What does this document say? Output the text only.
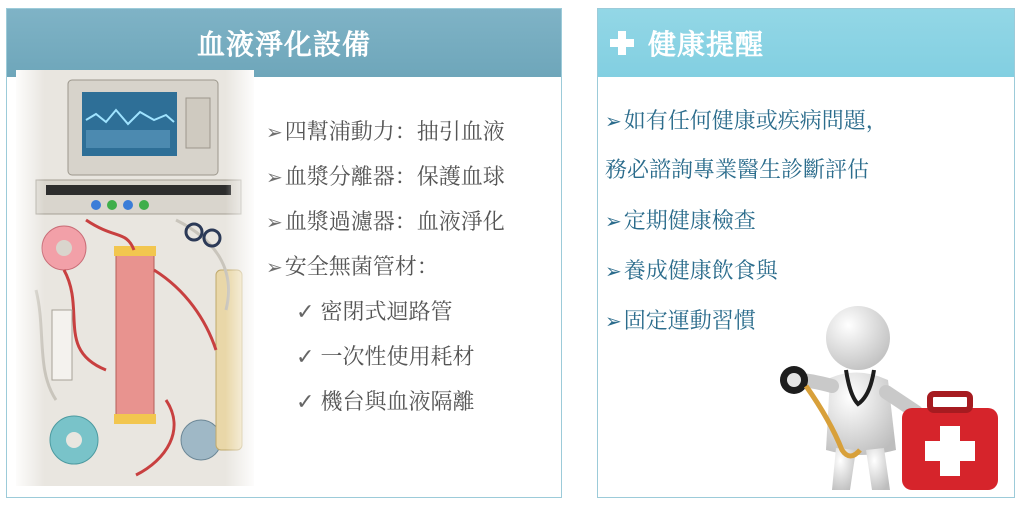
血液淨化設備
➢四幫浦動力：抽引血液
➢血漿分離器：保護血球
➢血漿過濾器：血液淨化
➢安全無菌管材：
✓ 密閉式迴路管
✓ 一次性使用耗材
✓ 機台與血液隔離
健康提醒
➢如有任何健康或疾病問題，
務必諮詢專業醫生診斷評估
➢定期健康檢查
➢養成健康飲食與
➢固定運動習慣
